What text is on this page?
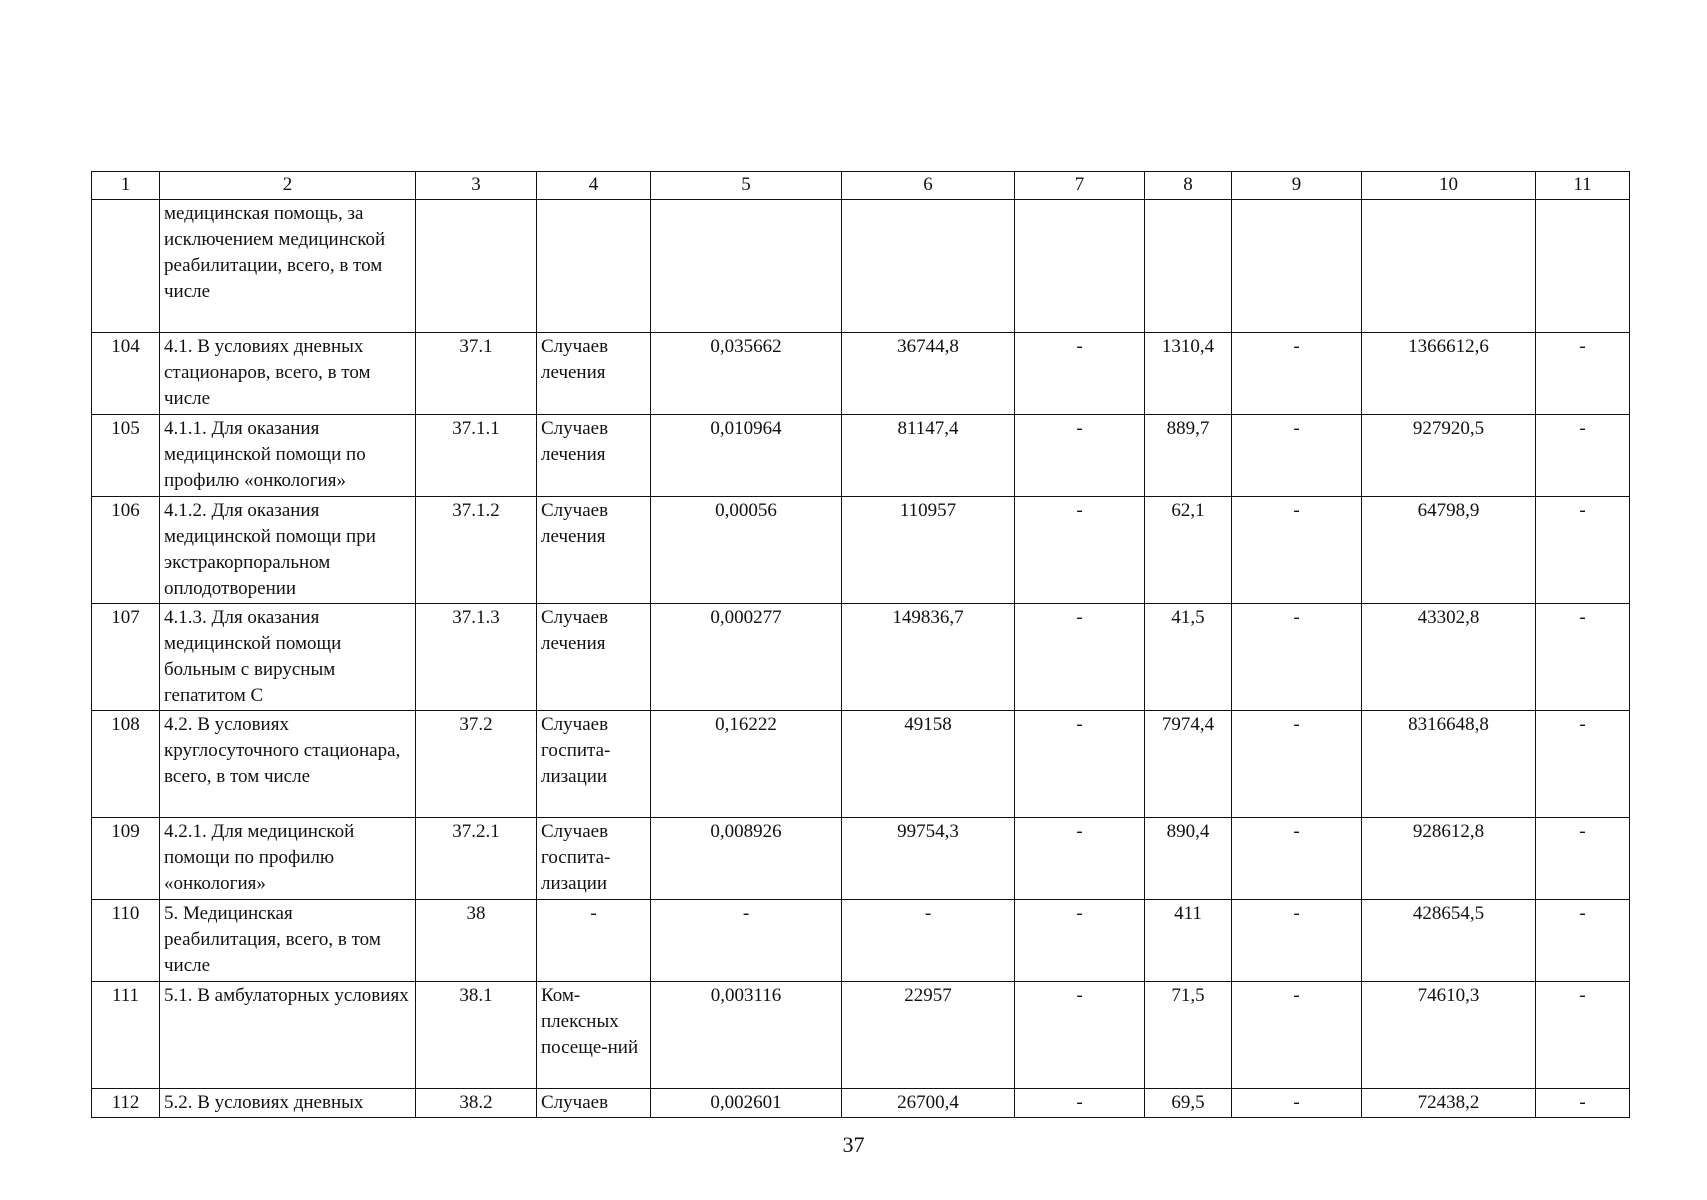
1	2	3	4	5	6	7	8	9	10	11
	медицинская помощь, за исключением медицинской реабилитации, всего, в том числе									
104	4.1. В условиях дневных стационаров, всего, в том числе	37.1	Случаев лечения	0,035662	36744,8	-	1310,4	-	1366612,6	-
105	4.1.1. Для оказания медицинской помощи по профилю «онкология»	37.1.1	Случаев лечения	0,010964	81147,4	-	889,7	-	927920,5	-
106	4.1.2. Для оказания медицинской помощи при экстракорпоральном оплодотворении	37.1.2	Случаев лечения	0,00056	110957	-	62,1	-	64798,9	-
107	4.1.3. Для оказания медицинской помощи больным с вирусным гепатитом С	37.1.3	Случаев лечения	0,000277	149836,7	-	41,5	-	43302,8	-
108	4.2. В условиях круглосуточного стационара, всего, в том числе	37.2	Случаев госпита-лизации	0,16222	49158	-	7974,4	-	8316648,8	-
109	4.2.1. Для медицинской помощи по профилю «онкология»	37.2.1	Случаев госпита-лизации	0,008926	99754,3	-	890,4	-	928612,8	-
110	5. Медицинская реабилитация, всего, в том числе	38	-	-	-	-	411	-	428654,5	-
111	5.1. В амбулаторных условиях	38.1	Ком-плексных посеще-ний	0,003116	22957	-	71,5	-	74610,3	-
112	5.2. В условиях дневных	38.2	Случаев	0,002601	26700,4	-	69,5	-	72438,2	-
37
